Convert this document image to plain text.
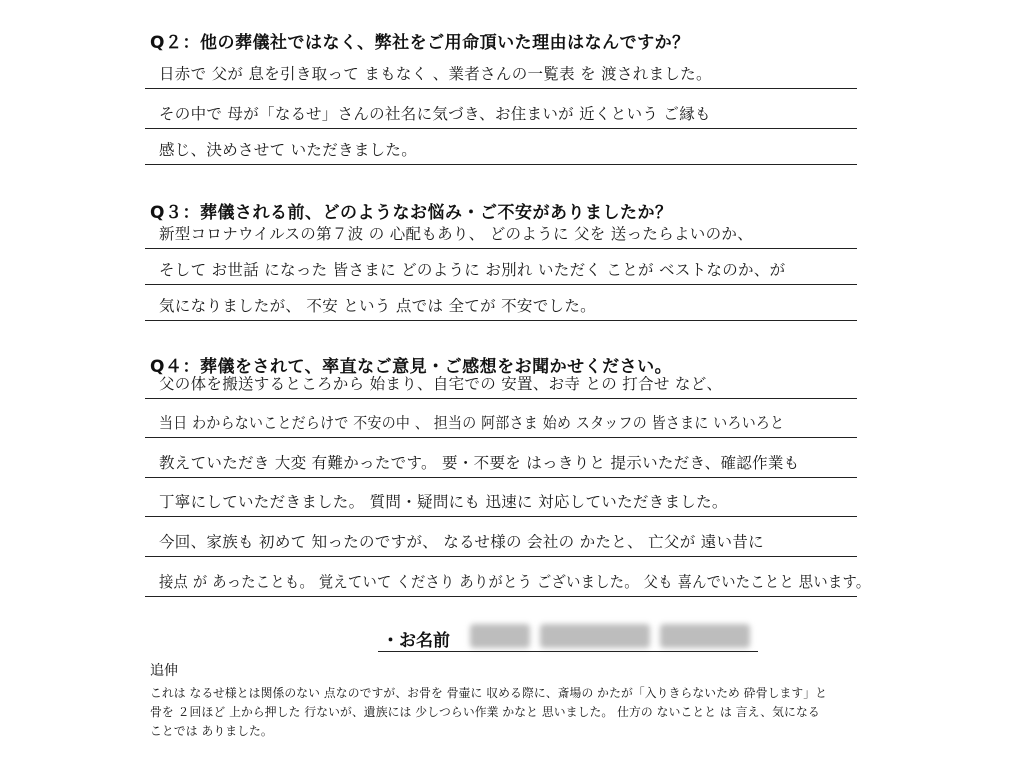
Q２：他の葬儀社ではなく、弊社をご用命頂いた理由はなんですか？
日赤で 父が 息を引き取って まもなく 、業者さんの一覧表 を 渡されました。
その中で 母が「なるせ」さんの社名に気づき、お住まいが 近くという ご縁も
感じ、決めさせて いただきました。
Q３：葬儀される前、どのようなお悩み・ご不安がありましたか？
新型コロナウイルスの第７波 の 心配もあり、 どのように 父を 送ったらよいのか、
そして お世話 になった 皆さまに どのように お別れ いただく ことが ベストなのか、が
気になりましたが、 不安 という 点では 全てが 不安でした。
Q４：葬儀をされて、率直なご意見・ご感想をお聞かせください。
父の体を搬送するところから 始まり、自宅での 安置、お寺 との 打合せ など、
当日 わからないことだらけで 不安の中 、 担当の 阿部さま 始め スタッフの 皆さまに いろいろと
教えていただき 大変 有難かったです。 要・不要を はっきりと 提示いただき、確認作業も
丁寧にしていただきました。 質問・疑問にも 迅速に 対応していただきました。
今回、家族も 初めて 知ったのですが、 なるせ様の 会社の かたと、 亡父が 遠い昔に
接点 が あったことも。 覚えていて くださり ありがとう ございました。 父も 喜んでいたことと 思います。
・お名前
追伸
これは なるせ様とは関係のない 点なのですが、お骨を 骨壷に 収める際に、斎場の かたが「入りきらないため 砕骨します」と
骨を ２回ほど 上から押した 行ないが、遺族には 少しつらい作業 かなと 思いました。 仕方の ないことと は 言え、気になる
ことでは ありました。
